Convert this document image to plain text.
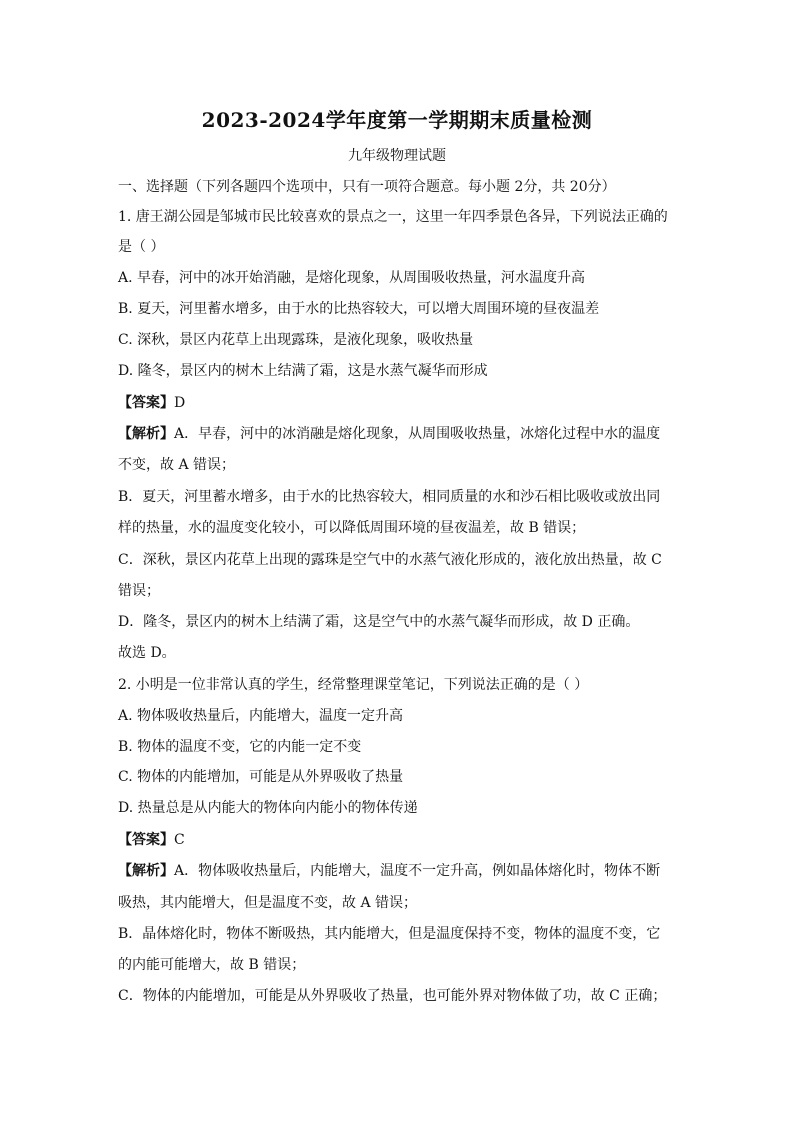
2023-2024学年度第一学期期末质量检测
九年级物理试题
一、选择题（下列各题四个选项中，只有一项符合题意。每小题 2分，共 20分）
1. 唐王湖公园是邹城市民比较喜欢的景点之一，这里一年四季景色各异，下列说法正确的
是（ ）
A. 早春，河中的冰开始消融，是熔化现象，从周围吸收热量，河水温度升高
B. 夏天，河里蓄水增多，由于水的比热容较大，可以增大周围环境的昼夜温差
C. 深秋，景区内花草上出现露珠，是液化现象，吸收热量
D. 隆冬，景区内的树木上结满了霜，这是水蒸气凝华而形成
【答案】D
【解析】A．早春，河中的冰消融是熔化现象，从周围吸收热量，冰熔化过程中水的温度
不变，故 A 错误；
B．夏天，河里蓄水增多，由于水的比热容较大，相同质量的水和沙石相比吸收或放出同
样的热量，水的温度变化较小，可以降低周围环境的昼夜温差，故 B 错误；
C．深秋，景区内花草上出现的露珠是空气中的水蒸气液化形成的，液化放出热量，故 C
错误；
D．隆冬，景区内的树木上结满了霜，这是空气中的水蒸气凝华而形成，故 D 正确。
故选 D。
2. 小明是一位非常认真的学生，经常整理课堂笔记，下列说法正确的是（ ）
A. 物体吸收热量后，内能增大，温度一定升高
B. 物体的温度不变，它的内能一定不变
C. 物体的内能增加，可能是从外界吸收了热量
D. 热量总是从内能大的物体向内能小的物体传递
【答案】C
【解析】A．物体吸收热量后，内能增大，温度不一定升高，例如晶体熔化时，物体不断
吸热，其内能增大，但是温度不变，故 A 错误；
B．晶体熔化时，物体不断吸热，其内能增大，但是温度保持不变，物体的温度不变，它
的内能可能增大，故 B 错误；
C．物体的内能增加，可能是从外界吸收了热量，也可能外界对物体做了功，故 C 正确；
